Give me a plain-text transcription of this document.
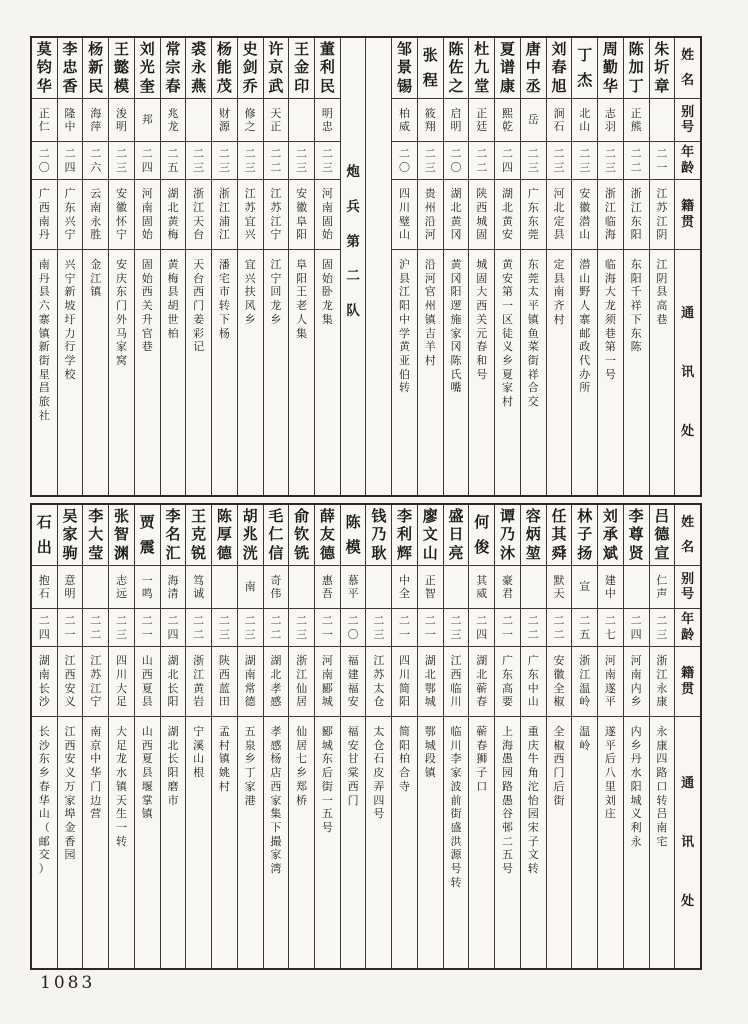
姓
名
别
号
年
龄
籍
贯
通
讯
处
朱
圻
章
二
一
江
苏
江
阴
江
阴
县
高
巷
陈
加
丁
正
熊
二
二
浙
江
东
阳
东
阳
千
祥
下
东
陈
周
勤
华
志
羽
二
三
浙
江
临
海
临
海
大
龙
须
巷
第
一
号
丁
杰
北
山
二
三
安
徽
潜
山
潜
山
野
人
寨
邮
政
代
办
所
刘
春
旭
涧
石
二
三
河
北
定
县
定
县
南
齐
村
唐
中
丞
岳
二
三
广
东
东
莞
东
莞
太
平
镇
鱼
菜
街
祥
合
交
夏
谱
康
熙
乾
二
四
湖
北
黄
安
黄
安
第
一
区
徒
义
乡
夏
家
村
杜
九
堂
正
廷
二
二
陕
西
城
固
城
固
大
西
关
元
春
和
号
陈
佐
之
启
明
二
〇
湖
北
黄
冈
黄
冈
阳
逻
施
家
冈
陈
氏
嘴
张
程
筱
翔
二
三
贵
州
沿
河
沿
河
官
州
镇
吉
羊
村
邹
景
锡
柏
威
二
〇
四
川
璧
山
沪
县
江
阳
中
学
黄
亚
伯
转
炮
兵
第
二
队
董
利
民
明
忠
二
三
河
南
固
始
固
始
卧
龙
集
王
金
印
二
三
安
徽
阜
阳
阜
阳
王
老
人
集
许
京
武
天
正
二
二
江
苏
江
宁
江
宁
回
龙
乡
史
剑
乔
修
之
二
三
江
苏
宜
兴
宜
兴
扶
风
乡
杨
能
茂
财
源
二
三
浙
江
浦
江
潘
宅
市
转
下
杨
裘
永
燕
二
三
浙
江
天
台
天
台
西
门
姜
彩
记
常
宗
春
兆
龙
二
五
湖
北
黄
梅
黄
梅
县
胡
世
柏
刘
光
奎
邦
二
四
河
南
固
始
固
始
西
关
升
官
巷
王
懿
模
浚
明
二
三
安
徽
怀
宁
安
庆
东
门
外
马
家
窝
杨
新
民
海
萍
二
六
云
南
永
胜
金
江
镇
李
忠
香
隆
中
二
四
广
东
兴
宁
兴
宁
新
坡
圩
力
行
学
校
莫
钧
华
正
仁
二
〇
广
西
南
丹
南
丹
县
六
寨
镇
新
街
星
昌
旅
社
姓
名
别
号
年
龄
籍
贯
通
讯
处
吕
德
宣
仁
声
二
三
浙
江
永
康
永
康
四
路
口
转
吕
南
宅
李
尊
贤
二
四
河
南
内
乡
内
乡
丹
水
阳
城
义
利
永
刘
承
斌
建
中
二
七
河
南
遂
平
遂
平
后
八
里
刘
庄
林
子
扬
宣
二
五
浙
江
温
岭
温
岭
任
其
舜
默
天
二
二
安
徽
全
椒
全
椒
西
门
后
街
容
炳
堃
二
二
广
东
中
山
重
庆
牛
角
沱
怡
园
宋
子
文
转
谭
乃
沐
豪
君
二
一
广
东
高
要
上
海
愚
园
路
愚
谷
邨
二
五
号
何
俊
其
威
二
四
湖
北
蕲
春
蕲
春
狮
子
口
盛
日
亮
二
三
江
西
临
川
临
川
李
家
波
前
街
盛
洪
源
号
转
廖
文
山
正
智
二
一
湖
北
鄂
城
鄂
城
段
镇
李
利
辉
中
全
二
一
四
川
简
阳
简
阳
柏
合
寺
钱
乃
耿
二
三
江
苏
太
仓
太
仓
石
皮
弄
四
号
陈
模
慕
平
二
〇
福
建
福
安
福
安
甘
棠
西
门
薛
友
德
惠
吾
二
一
河
南
郾
城
郾
城
东
后
街
一
五
号
俞
钦
铣
二
三
浙
江
仙
居
仙
居
七
乡
郑
桥
毛
仁
信
奇
伟
二
二
湖
北
孝
感
孝
感
杨
店
西
家
集
下
撮
家
湾
胡
兆
洸
南
二
三
湖
南
常
德
五
泉
乡
丁
家
港
陈
厚
德
二
三
陕
西
蓝
田
孟
村
镇
姚
村
王
克
锐
笃
诚
二
二
浙
江
黄
岩
宁
溪
山
根
李
名
汇
海
清
二
四
湖
北
长
阳
湖
北
长
阳
磨
市
贾
震
一
鸣
二
一
山
西
夏
县
山
西
夏
县
堰
掌
镇
张
智
渊
志
远
二
三
四
川
大
足
大
足
龙
水
镇
天
生
一
转
李
大
莹
二
二
江
苏
江
宁
南
京
中
华
门
边
营
吴
家
驹
意
明
二
一
江
西
安
义
江
西
安
义
万
家
埠
金
香
园
石
出
抱
石
二
四
湖
南
长
沙
长
沙
东
乡
春
华
山
（
邮
交
）
1083
